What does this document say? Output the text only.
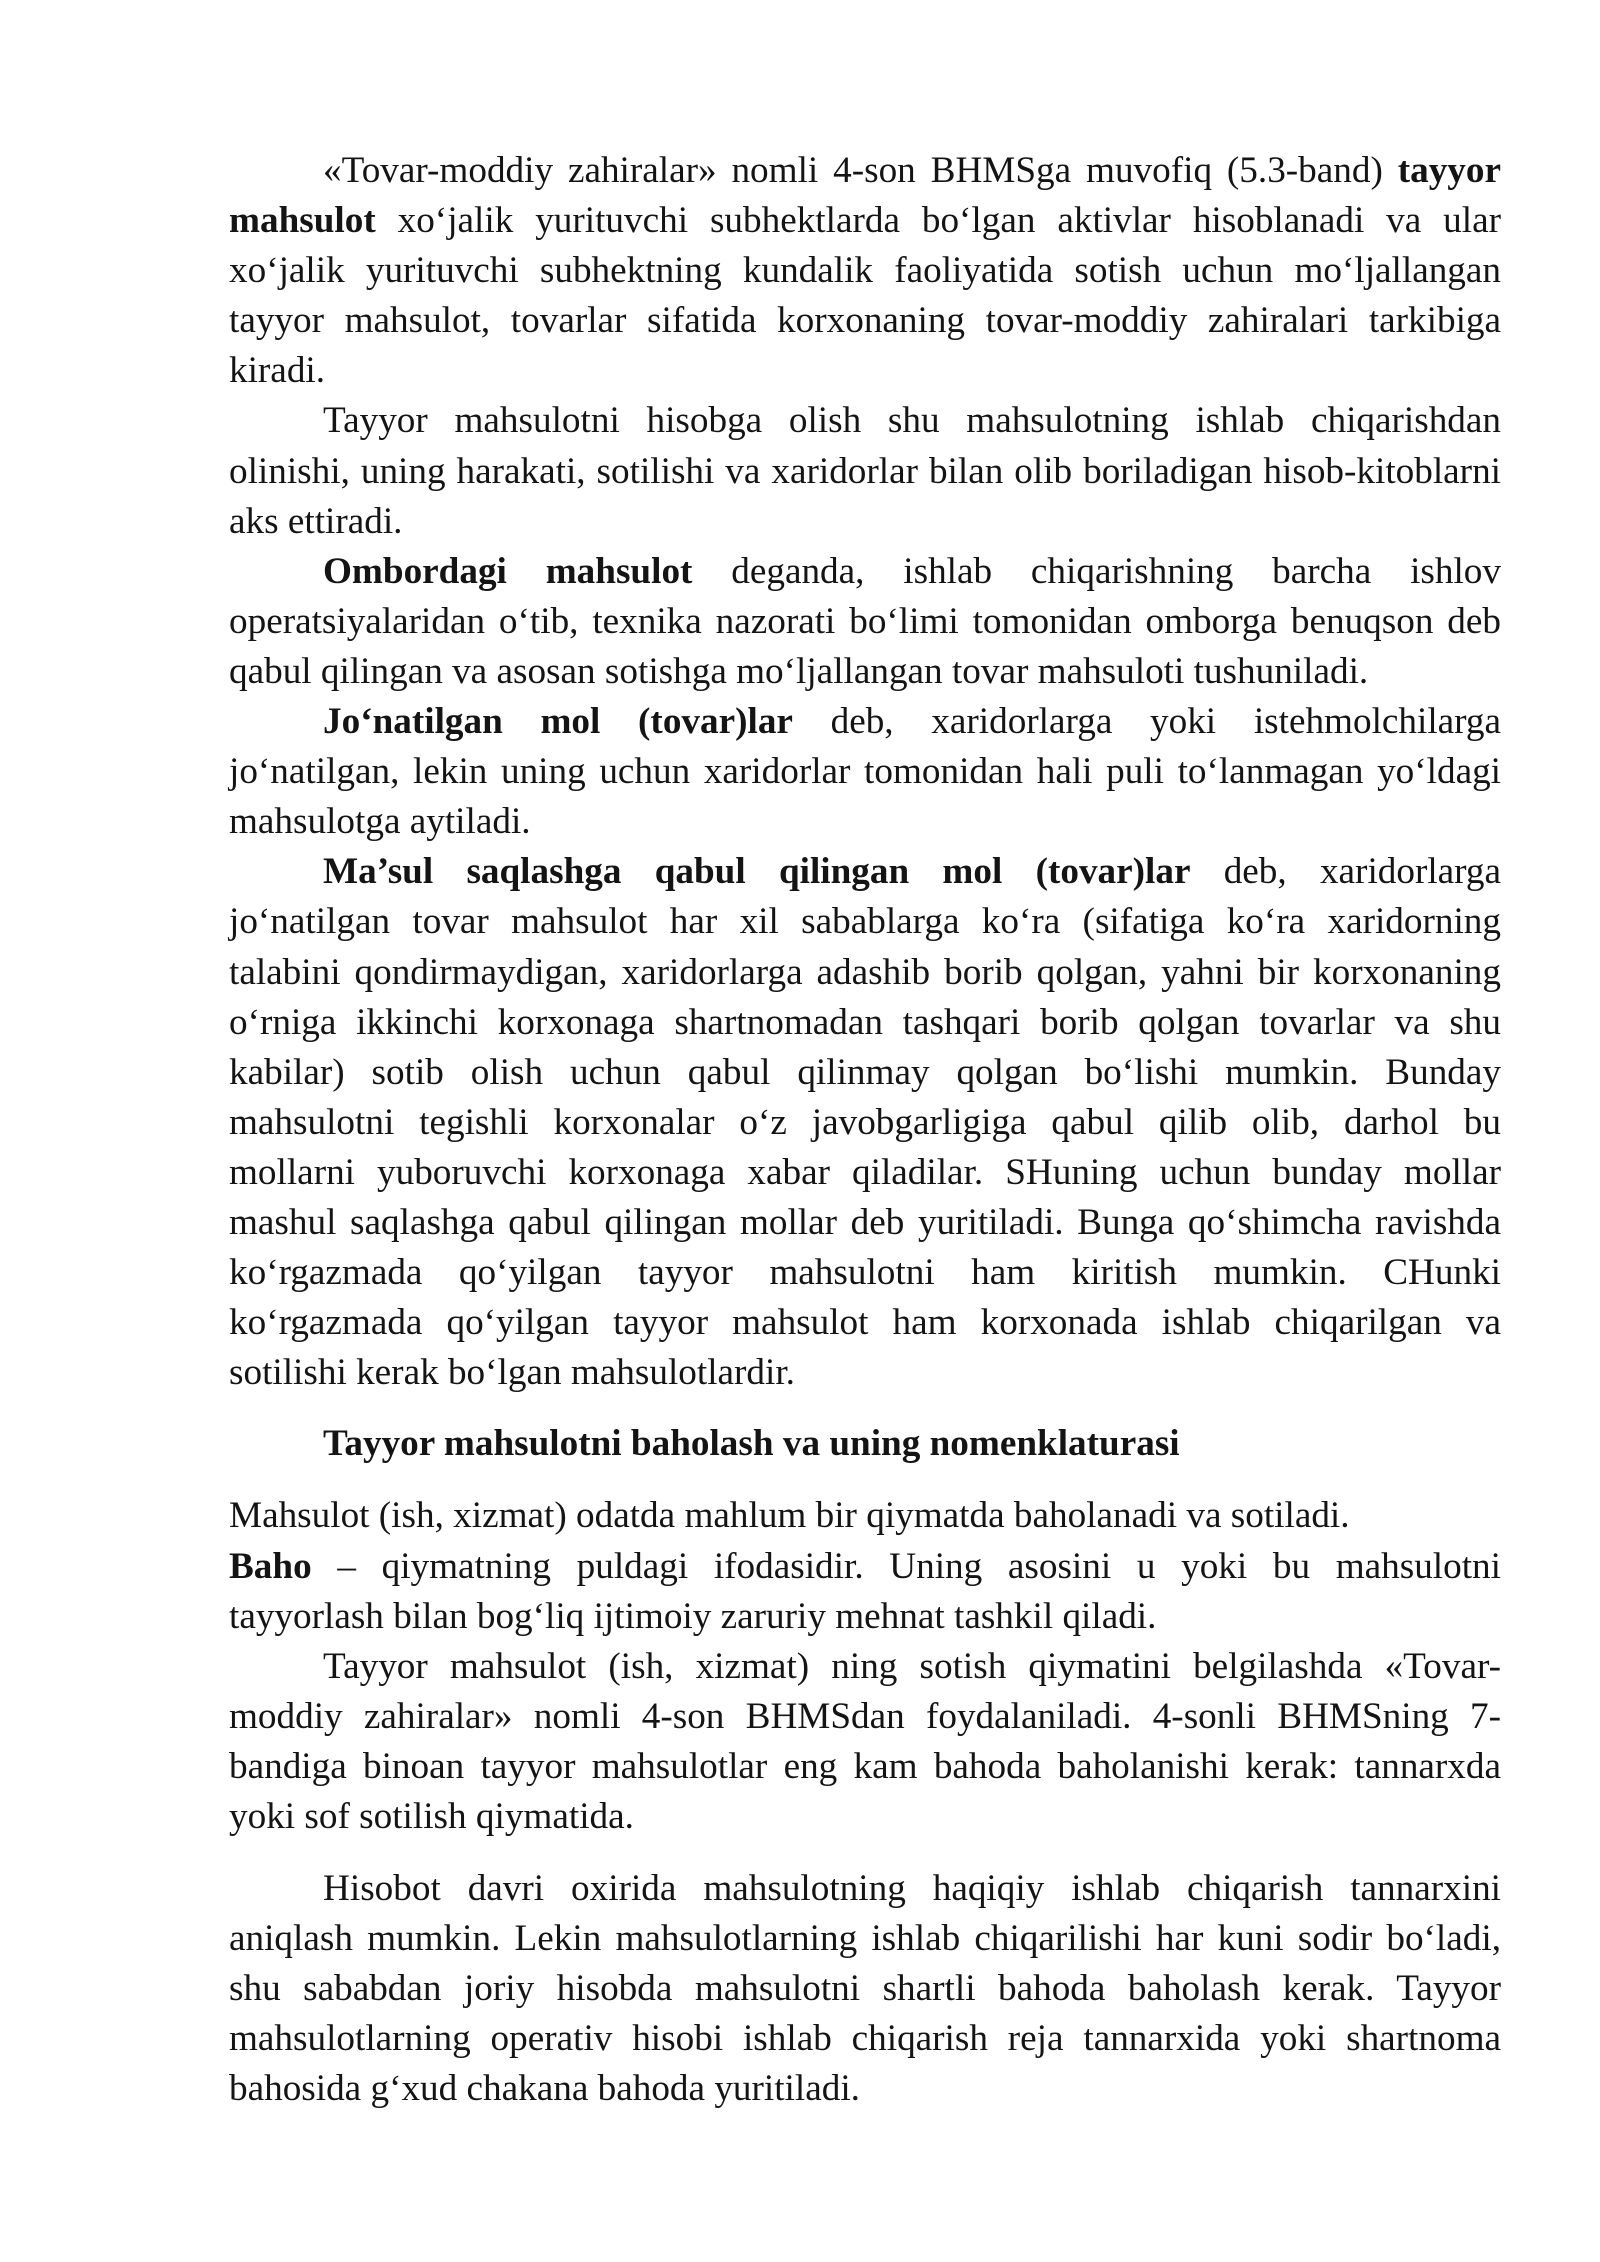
«Tovar-moddiy zahiralar» nomli 4-son BHMSga muvofiq (5.3-band) tayyor
mahsulot xo‘jalik yurituvchi subhektlarda bo‘lgan aktivlar hisoblanadi va ular
xo‘jalik yurituvchi subhektning kundalik faoliyatida sotish uchun mo‘ljallangan
tayyor mahsulot, tovarlar sifatida korxonaning tovar-moddiy zahiralari tarkibiga
kiradi.
Tayyor mahsulotni hisobga olish shu mahsulotning ishlab chiqarishdan
olinishi, uning harakati, sotilishi va xaridorlar bilan olib boriladigan hisob-kitoblarni
aks ettiradi.
Ombordagi mahsulot deganda, ishlab chiqarishning barcha ishlov
operatsiyalaridan o‘tib, texnika nazorati bo‘limi tomonidan omborga benuqson deb
qabul qilingan va asosan sotishga mo‘ljallangan tovar mahsuloti tushuniladi.
Jo‘natilgan mol (tovar)lar deb, xaridorlarga yoki istehmolchilarga
jo‘natilgan, lekin uning uchun xaridorlar tomonidan hali puli to‘lanmagan yo‘ldagi
mahsulotga aytiladi.
Ma’sul saqlashga qabul qilingan mol (tovar)lar deb, xaridorlarga
jo‘natilgan tovar mahsulot har xil sabablarga ko‘ra (sifatiga ko‘ra xaridorning
talabini qondirmaydigan, xaridorlarga adashib borib qolgan, yahni bir korxonaning
o‘rniga ikkinchi korxonaga shartnomadan tashqari borib qolgan tovarlar va shu
kabilar) sotib olish uchun qabul qilinmay qolgan bo‘lishi mumkin. Bunday
mahsulotni tegishli korxonalar o‘z javobgarligiga qabul qilib olib, darhol bu
mollarni yuboruvchi korxonaga xabar qiladilar. SHuning uchun bunday mollar
mashul saqlashga qabul qilingan mollar deb yuritiladi. Bunga qo‘shimcha ravishda
ko‘rgazmada qo‘yilgan tayyor mahsulotni ham kiritish mumkin. CHunki
ko‘rgazmada qo‘yilgan tayyor mahsulot ham korxonada ishlab chiqarilgan va
sotilishi kerak bo‘lgan mahsulotlardir.
Tayyor mahsulotni baholash va uning nomenklaturasi
Mahsulot (ish, xizmat) odatda mahlum bir qiymatda baholanadi va sotiladi.
Baho – qiymatning puldagi ifodasidir. Uning asosini u yoki bu mahsulotni
tayyorlash bilan bog‘liq ijtimoiy zaruriy mehnat tashkil qiladi.
Tayyor mahsulot (ish, xizmat) ning sotish qiymatini belgilashda «Tovar-
moddiy zahiralar» nomli 4-son BHMSdan foydalaniladi. 4-sonli BHMSning 7-
bandiga binoan tayyor mahsulotlar eng kam bahoda baholanishi kerak: tannarxda
yoki sof sotilish qiymatida.
Hisobot davri oxirida mahsulotning haqiqiy ishlab chiqarish tannarxini
aniqlash mumkin. Lekin mahsulotlarning ishlab chiqarilishi har kuni sodir bo‘ladi,
shu sababdan joriy hisobda mahsulotni shartli bahoda baholash kerak. Tayyor
mahsulotlarning operativ hisobi ishlab chiqarish reja tannarxida yoki shartnoma
bahosida g‘xud chakana bahoda yuritiladi.
